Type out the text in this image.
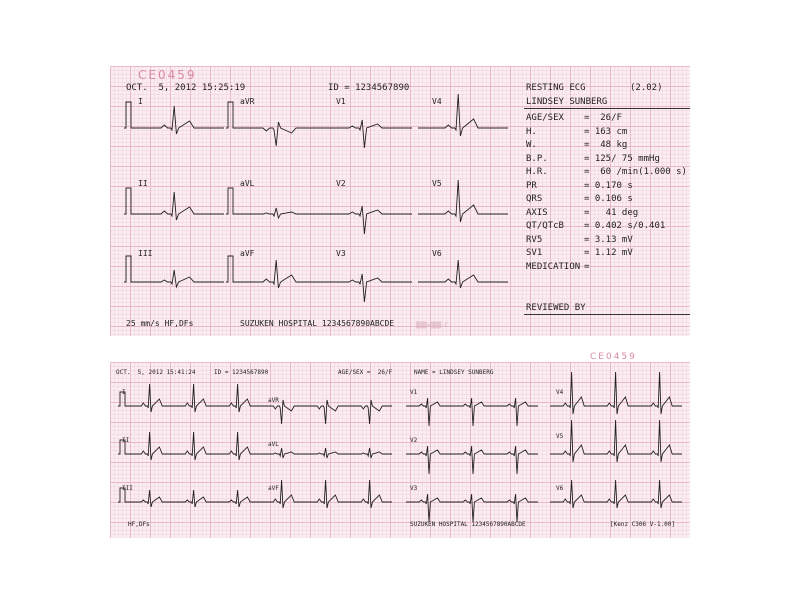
CE0459
OCT.  5, 2012 15:25:19	ID = 1234567890
I	aVR	V1	V4
II	aVL	V2	V5
III	aVF	V3	V6
RESTING ECG	(2.02)
LINDSEY SUNBERG
AGE/SEX =  26/F
H.	= 163 cm
W.	=  48 kg
B.P.	= 125/ 75 mmHg
H.R.	=  60 /min(1.000 s)
PR	= 0.170 s
QRS	= 0.106 s
AXIS	=   41 deg
QT/QTcB = 0.402 s/0.401
RV5	= 3.13 mV
SV1	= 1.12 mV
MEDICATION =
REVIEWED BY
25 mm/s HF,DFs	SUZUKEN HOSPITAL 1234567890ABCDE	▒▒▒×▒▒▒-C
CE0459
OCT.  5, 2012 15:41:24	ID = 1234567890	AGE/SEX =  26/F	NAME = LINDSEY SUNBERG
I
aVR
V1	V4
II
aVL
V2
V5
III	aVF	V3	V6
HF,DFs	SUZUKEN HOSPITAL 1234567890ABCDE	[Kenz C306 V-1.00]
